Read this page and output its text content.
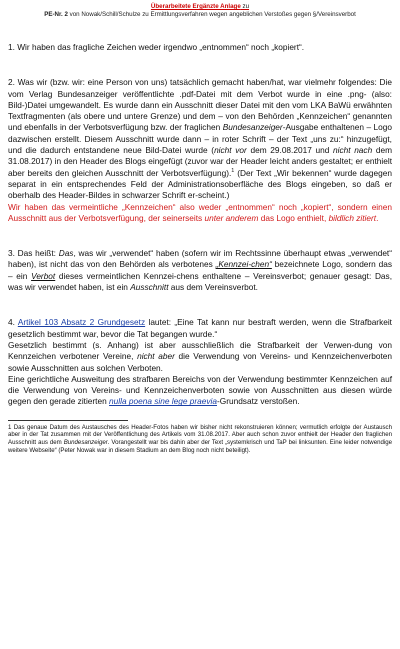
Überarbeitete Ergänzte Anlage zu
PE-Nr. 2 von Nowak/Schill/Schulze zu Ermittlungsverfahren wegen angeblichen Verstoßes gegen §/Vereinsverbot

1. Wir haben das fragliche Zeichen weder irgendwo „entnommen“ noch „kopiert“.

2. Was wir (bzw. wir: eine Person von uns) tatsächlich gemacht haben/hat, war vielmehr folgendes: Die vom Verlag Bundesanzeiger veröffentlichte .pdf-Datei mit dem Verbot wurde in eine .png- (also: Bild-)Datei umgewandelt. Es wurde dann ein Ausschnitt dieser Datei mit den vom LKA BaWü erwähnten Textfragmenten (als obere und untere Grenze) und dem – von den Behörden „Kennzeichen“ genannten und ebenfalls in der Verbotsverfügung bzw. der fraglichen Bundesanzeiger-Ausgabe enthaltenen – Logo dazwischen erstellt. Diesem Ausschnitt wurde dann – in roter Schrift – der Text „uns zu:“ hinzugefügt, und die dadurch entstandene neue Bild-Datei wurde (nicht vor dem 29.08.2017 und nicht nach dem 31.08.2017) in den Header des Blogs eingefügt (zuvor war der Header leicht anders gestaltet; er enthielt aber bereits den gleichen Ausschnitt der Verbotsverfügung).$^1$ (Der Text „Wir bekennen“ wurde dagegen separat in ein entsprechendes Feld der Administrationsoberfläche des Blogs eingeben, so daß er oberhalb des Header-Bildes in schwarzer Schrift er-scheint.)
Wir haben das vermeintliche „Kennzeichen“ also weder „entnommen“ noch „kopiert“, sondern einen Ausschnitt aus der Verbotsverfügung, der seinerseits unter anderem das Logo enthielt, bildlich zitiert.

3. Das heißt: Das, was wir „verwendet“ haben (sofern wir im Rechtssinne überhaupt etwas „verwendet“ haben), ist nicht das von den Behörden als verbotenes „Kennzei-chen“ bezeichnete Logo, sondern das – ein Verbot dieses vermeintlichen Kennzei-chens enthaltene – Vereinsverbot; genauer gesagt: Das, was wir verwendet haben, ist ein Ausschnitt aus dem Vereinsverbot.

4. Artikel 103 Absatz 2 Grundgesetz lautet: „Eine Tat kann nur bestraft werden, wenn die Strafbarkeit gesetzlich bestimmt war, bevor die Tat begangen wurde.“
Gesetzlich bestimmt (s. Anhang) ist aber ausschließlich die Strafbarkeit der Verwen-dung von Kennzeichen verbotener Vereine, nicht aber die Verwendung von Vereins- und Kennzeichenverboten sowie Ausschnitten aus solchen Verboten.
Eine gerichtliche Ausweitung des strafbaren Bereichs von der Verwendung bestimmter Kennzeichen auf die Verwendung von Vereins- und Kennzeichenverboten sowie von Ausschnitten aus diesen würde gegen den gerade zitierten nulla poena sine lege praevia-Grundsatz verstoßen.

1 Das genaue Datum des Austausches des Header-Fotos haben wir bisher nicht rekonstruieren können; vermutlich erfolgte der Austausch aber in der Tat zusammen mit der Veröffentlichung des Artikels vom 31.08.2017. Aber auch schon zuvor enthielt der Header den fraglichen Ausschnitt aus dem Bundesanzeiger. Vorangestellt war bis dahin aber der Text „systemkrisch und TaP bei linksunten. Eine leider notwendige weitere Webseite“ (Peter Nowak war in diesem Stadium an dem Blog noch nicht beteiligt).
